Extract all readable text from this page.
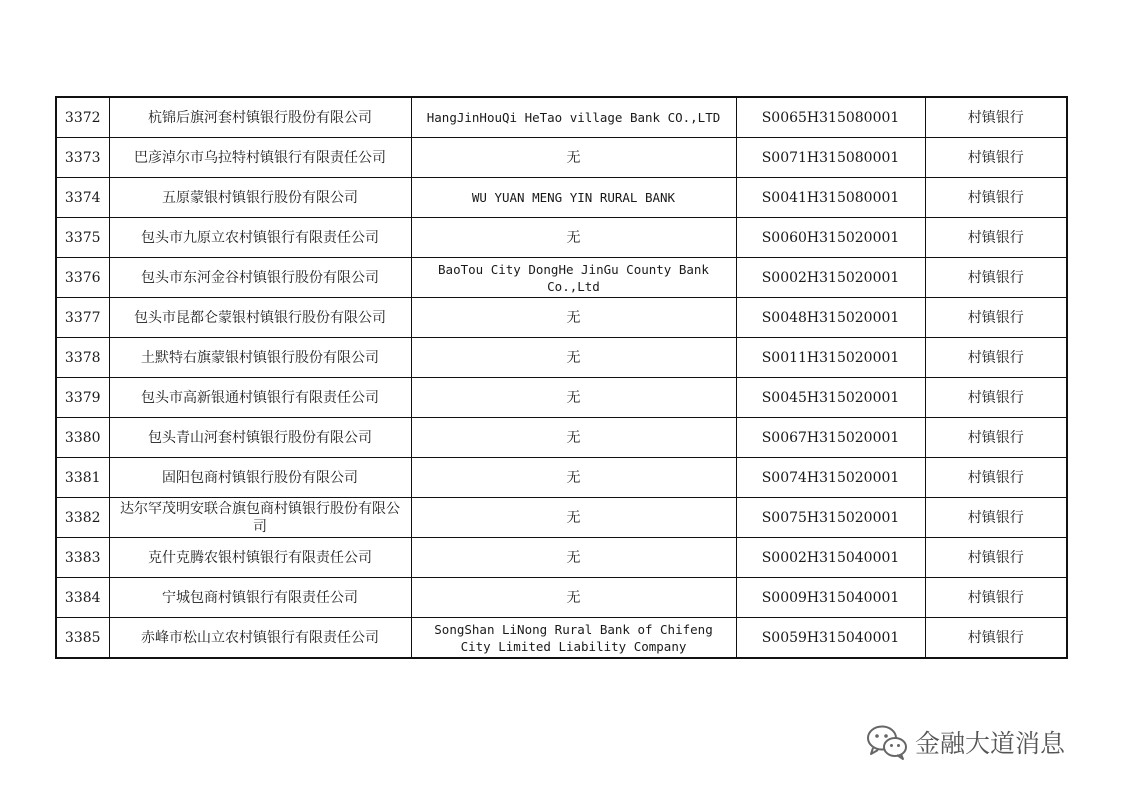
3372	杭锦后旗河套村镇银行股份有限公司	HangJinHouQi HeTao village Bank CO.,LTD	S0065H315080001	村镇银行
3373	巴彦淖尔市乌拉特村镇银行有限责任公司	无	S0071H315080001	村镇银行
3374	五原蒙银村镇银行股份有限公司	WU YUAN MENG YIN RURAL BANK	S0041H315080001	村镇银行
3375	包头市九原立农村镇银行有限责任公司	无	S0060H315020001	村镇银行
3376	包头市东河金谷村镇银行股份有限公司	BaoTou City DongHe JinGu County Bank Co.,Ltd	S0002H315020001	村镇银行
3377	包头市昆都仑蒙银村镇银行股份有限公司	无	S0048H315020001	村镇银行
3378	土默特右旗蒙银村镇银行股份有限公司	无	S0011H315020001	村镇银行
3379	包头市高新银通村镇银行有限责任公司	无	S0045H315020001	村镇银行
3380	包头青山河套村镇银行股份有限公司	无	S0067H315020001	村镇银行
3381	固阳包商村镇银行股份有限公司	无	S0074H315020001	村镇银行
3382	达尔罕茂明安联合旗包商村镇银行股份有限公司	无	S0075H315020001	村镇银行
3383	克什克腾农银村镇银行有限责任公司	无	S0002H315040001	村镇银行
3384	宁城包商村镇银行有限责任公司	无	S0009H315040001	村镇银行
3385	赤峰市松山立农村镇银行有限责任公司	SongShan LiNong Rural Bank of Chifeng City Limited Liability Company	S0059H315040001	村镇银行
金融大道消息
